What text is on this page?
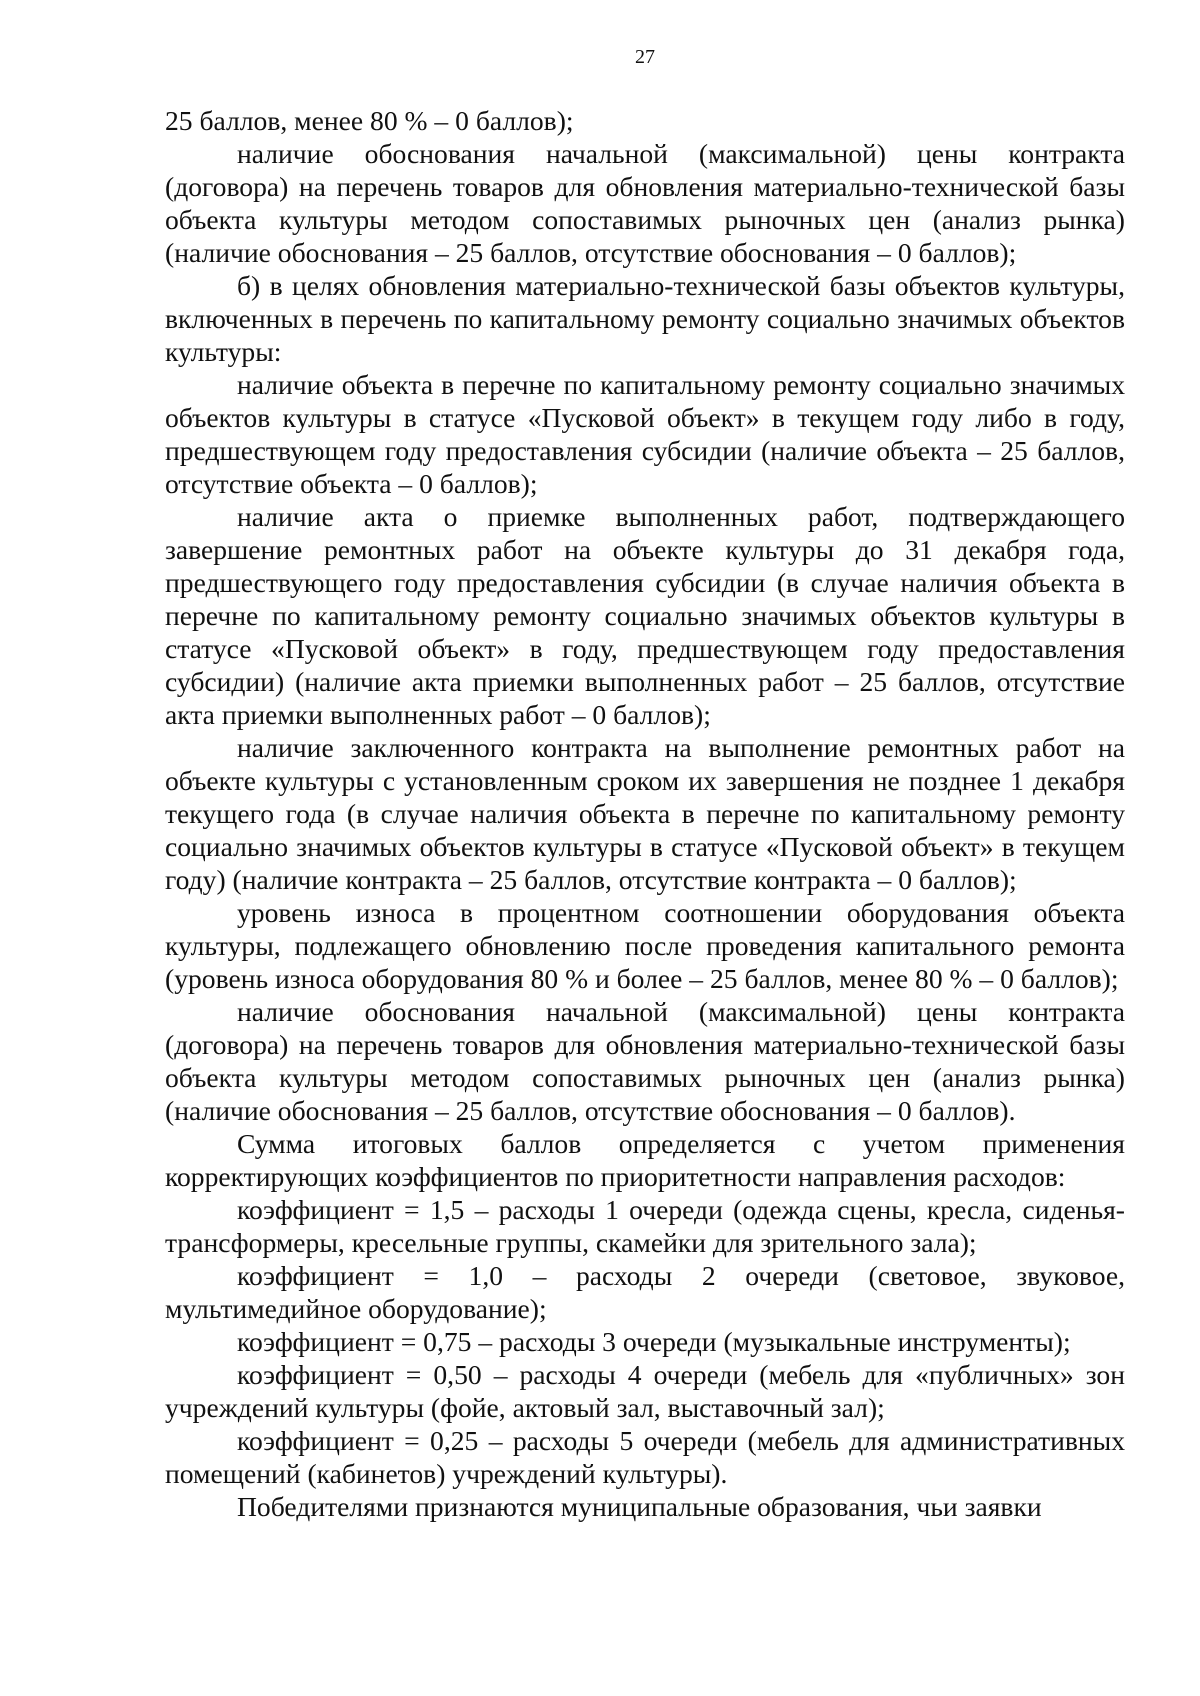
27

25 баллов, менее 80 % – 0 баллов);

наличие обоснования начальной (максимальной) цены контракта (договора) на перечень товаров для обновления материально-технической базы объекта культуры методом сопоставимых рыночных цен (анализ рынка) (наличие обоснования – 25 баллов, отсутствие обоснования – 0 баллов);

б) в целях обновления материально-технической базы объектов культуры, включенных в перечень по капитальному ремонту социально значимых объектов культуры:

наличие объекта в перечне по капитальному ремонту социально значимых объектов культуры в статусе «Пусковой объект» в текущем году либо в году, предшествующем году предоставления субсидии (наличие объекта – 25 баллов, отсутствие объекта – 0 баллов);

наличие акта о приемке выполненных работ, подтверждающего завершение ремонтных работ на объекте культуры до 31 декабря года, предшествующего году предоставления субсидии (в случае наличия объекта в перечне по капитальному ремонту социально значимых объектов культуры в статусе «Пусковой объект» в году, предшествующем году предоставления субсидии) (наличие акта приемки выполненных работ – 25 баллов, отсутствие акта приемки выполненных работ – 0 баллов);

наличие заключенного контракта на выполнение ремонтных работ на объекте культуры с установленным сроком их завершения не позднее 1 декабря текущего года (в случае наличия объекта в перечне по капитальному ремонту социально значимых объектов культуры в статусе «Пусковой объект» в текущем году) (наличие контракта – 25 баллов, отсутствие контракта – 0 баллов);

уровень износа в процентном соотношении оборудования объекта культуры, подлежащего обновлению после проведения капитального ремонта (уровень износа оборудования 80 % и более – 25 баллов, менее 80 % – 0 баллов);

наличие обоснования начальной (максимальной) цены контракта (договора) на перечень товаров для обновления материально-технической базы объекта культуры методом сопоставимых рыночных цен (анализ рынка) (наличие обоснования – 25 баллов, отсутствие обоснования – 0 баллов).

Сумма итоговых баллов определяется с учетом применения корректирующих коэффициентов по приоритетности направления расходов:

коэффициент = 1,5 – расходы 1 очереди (одежда сцены, кресла, сиденья-трансформеры, кресельные группы, скамейки для зрительного зала);

коэффициент = 1,0 – расходы 2 очереди (световое, звуковое, мультимедийное оборудование);

коэффициент = 0,75 – расходы 3 очереди (музыкальные инструменты);

коэффициент = 0,50 – расходы 4 очереди (мебель для «публичных» зон учреждений культуры (фойе, актовый зал, выставочный зал);

коэффициент = 0,25 – расходы 5 очереди (мебель для административных помещений (кабинетов) учреждений культуры).

Победителями признаются муниципальные образования, чьи заявки
